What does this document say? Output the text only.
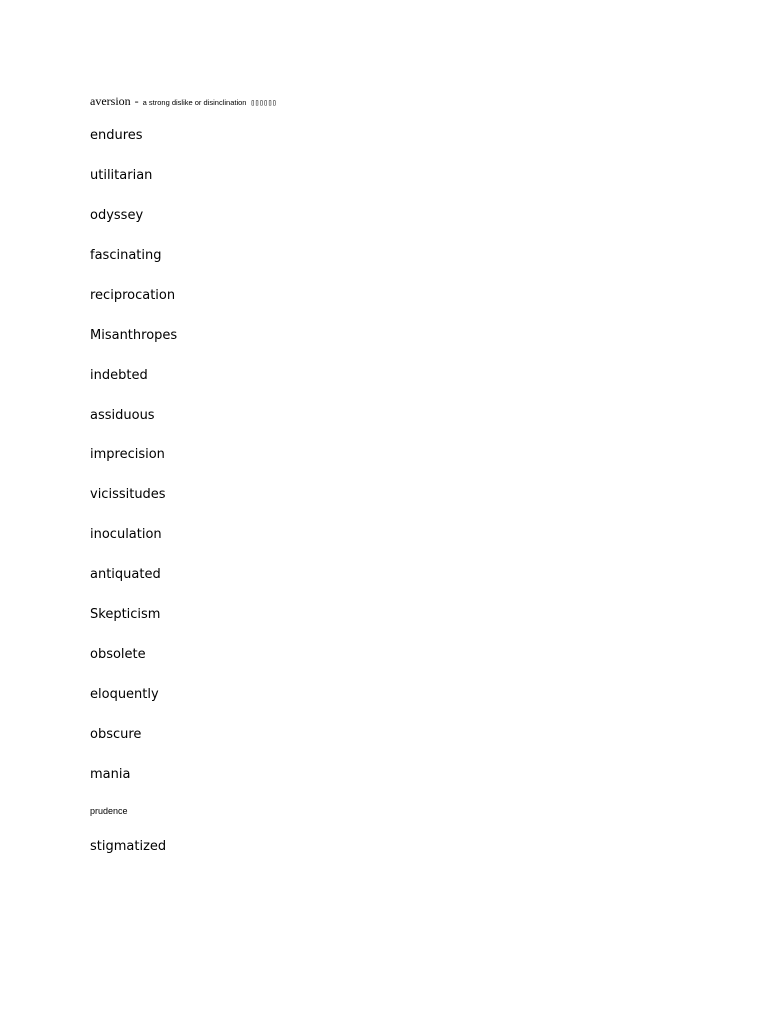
aversion - a strong dislike or disinclination ▯▯▯▯▯▯
endures
utilitarian
odyssey
fascinating
reciprocation
Misanthropes
indebted
assiduous
imprecision
vicissitudes
inoculation
antiquated
Skepticism
obsolete
eloquently
obscure
mania
prudence
stigmatized
